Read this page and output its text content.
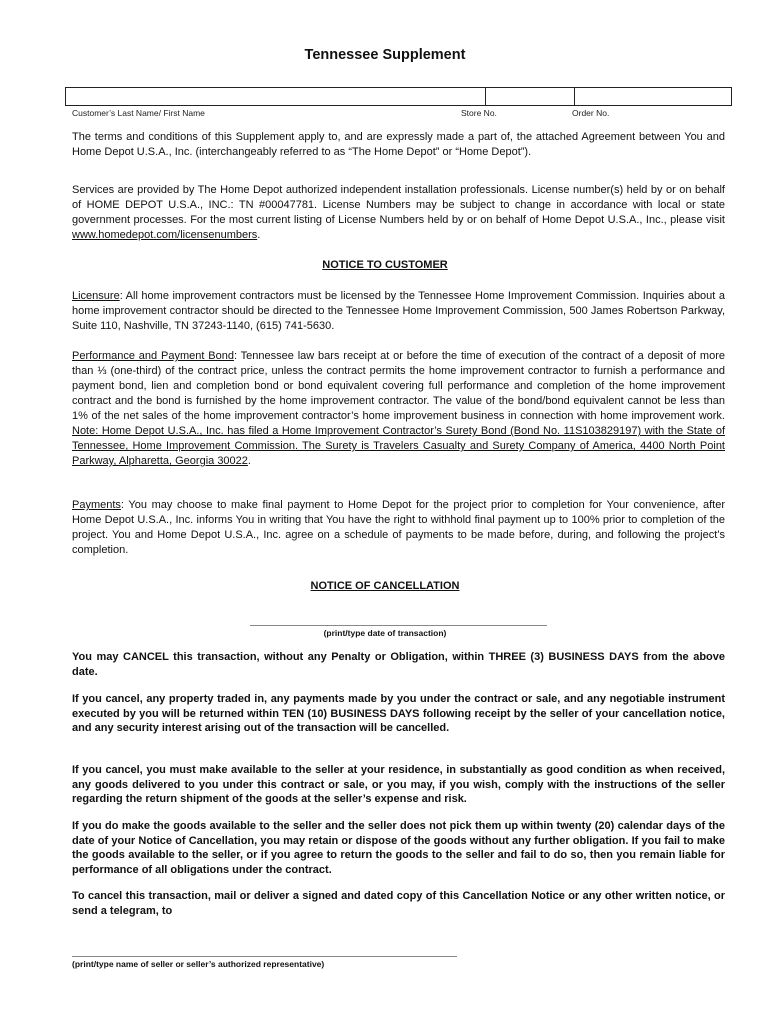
Tennessee Supplement
Customer’s Last Name/ First Name	Store No.	Order No.
The terms and conditions of this Supplement apply to, and are expressly made a part of, the attached Agreement between You and Home Depot U.S.A., Inc. (interchangeably referred to as “The Home Depot” or “Home Depot”).
Services are provided by The Home Depot authorized independent installation professionals. License number(s) held by or on behalf of HOME DEPOT U.S.A., INC.: TN #00047781. License Numbers may be subject to change in accordance with local or state government processes. For the most current listing of License Numbers held by or on behalf of Home Depot U.S.A., Inc., please visit www.homedepot.com/licensenumbers.
NOTICE TO CUSTOMER
Licensure: All home improvement contractors must be licensed by the Tennessee Home Improvement Commission. Inquiries about a home improvement contractor should be directed to the Tennessee Home Improvement Commission, 500 James Robertson Parkway, Suite 110, Nashville, TN 37243-1140, (615) 741-5630.
Performance and Payment Bond: Tennessee law bars receipt at or before the time of execution of the contract of a deposit of more than ⅓ (one-third) of the contract price, unless the contract permits the home improvement contractor to furnish a performance and payment bond, lien and completion bond or bond equivalent covering full performance and completion of the home improvement contract and the bond is furnished by the home improvement contractor. The value of the bond/bond equivalent cannot be less than 1% of the net sales of the home improvement contractor’s home improvement business in connection with home improvement work. Note: Home Depot U.S.A., Inc. has filed a Home Improvement Contractor’s Surety Bond (Bond No. 11S103829197) with the State of Tennessee, Home Improvement Commission. The Surety is Travelers Casualty and Surety Company of America, 4400 North Point Parkway, Alpharetta, Georgia 30022.
Payments: You may choose to make final payment to Home Depot for the project prior to completion for Your convenience, after Home Depot U.S.A., Inc. informs You in writing that You have the right to withhold final payment up to 100% prior to completion of the project. You and Home Depot U.S.A., Inc. agree on a schedule of payments to be made before, during, and following the project’s completion.
NOTICE OF CANCELLATION
(print/type date of transaction)
You may CANCEL this transaction, without any Penalty or Obligation, within THREE (3) BUSINESS DAYS from the above date.
If you cancel, any property traded in, any payments made by you under the contract or sale, and any negotiable instrument executed by you will be returned within TEN (10) BUSINESS DAYS following receipt by the seller of your cancellation notice, and any security interest arising out of the transaction will be cancelled.
If you cancel, you must make available to the seller at your residence, in substantially as good condition as when received, any goods delivered to you under this contract or sale, or you may, if you wish, comply with the instructions of the seller regarding the return shipment of the goods at the seller’s expense and risk.
If you do make the goods available to the seller and the seller does not pick them up within twenty (20) calendar days of the date of your Notice of Cancellation, you may retain or dispose of the goods without any further obligation. If you fail to make the goods available to the seller, or if you agree to return the goods to the seller and fail to do so, then you remain liable for performance of all obligations under the contract.
To cancel this transaction, mail or deliver a signed and dated copy of this Cancellation Notice or any other written notice, or send a telegram, to
(print/type name of seller or seller’s authorized representative)
